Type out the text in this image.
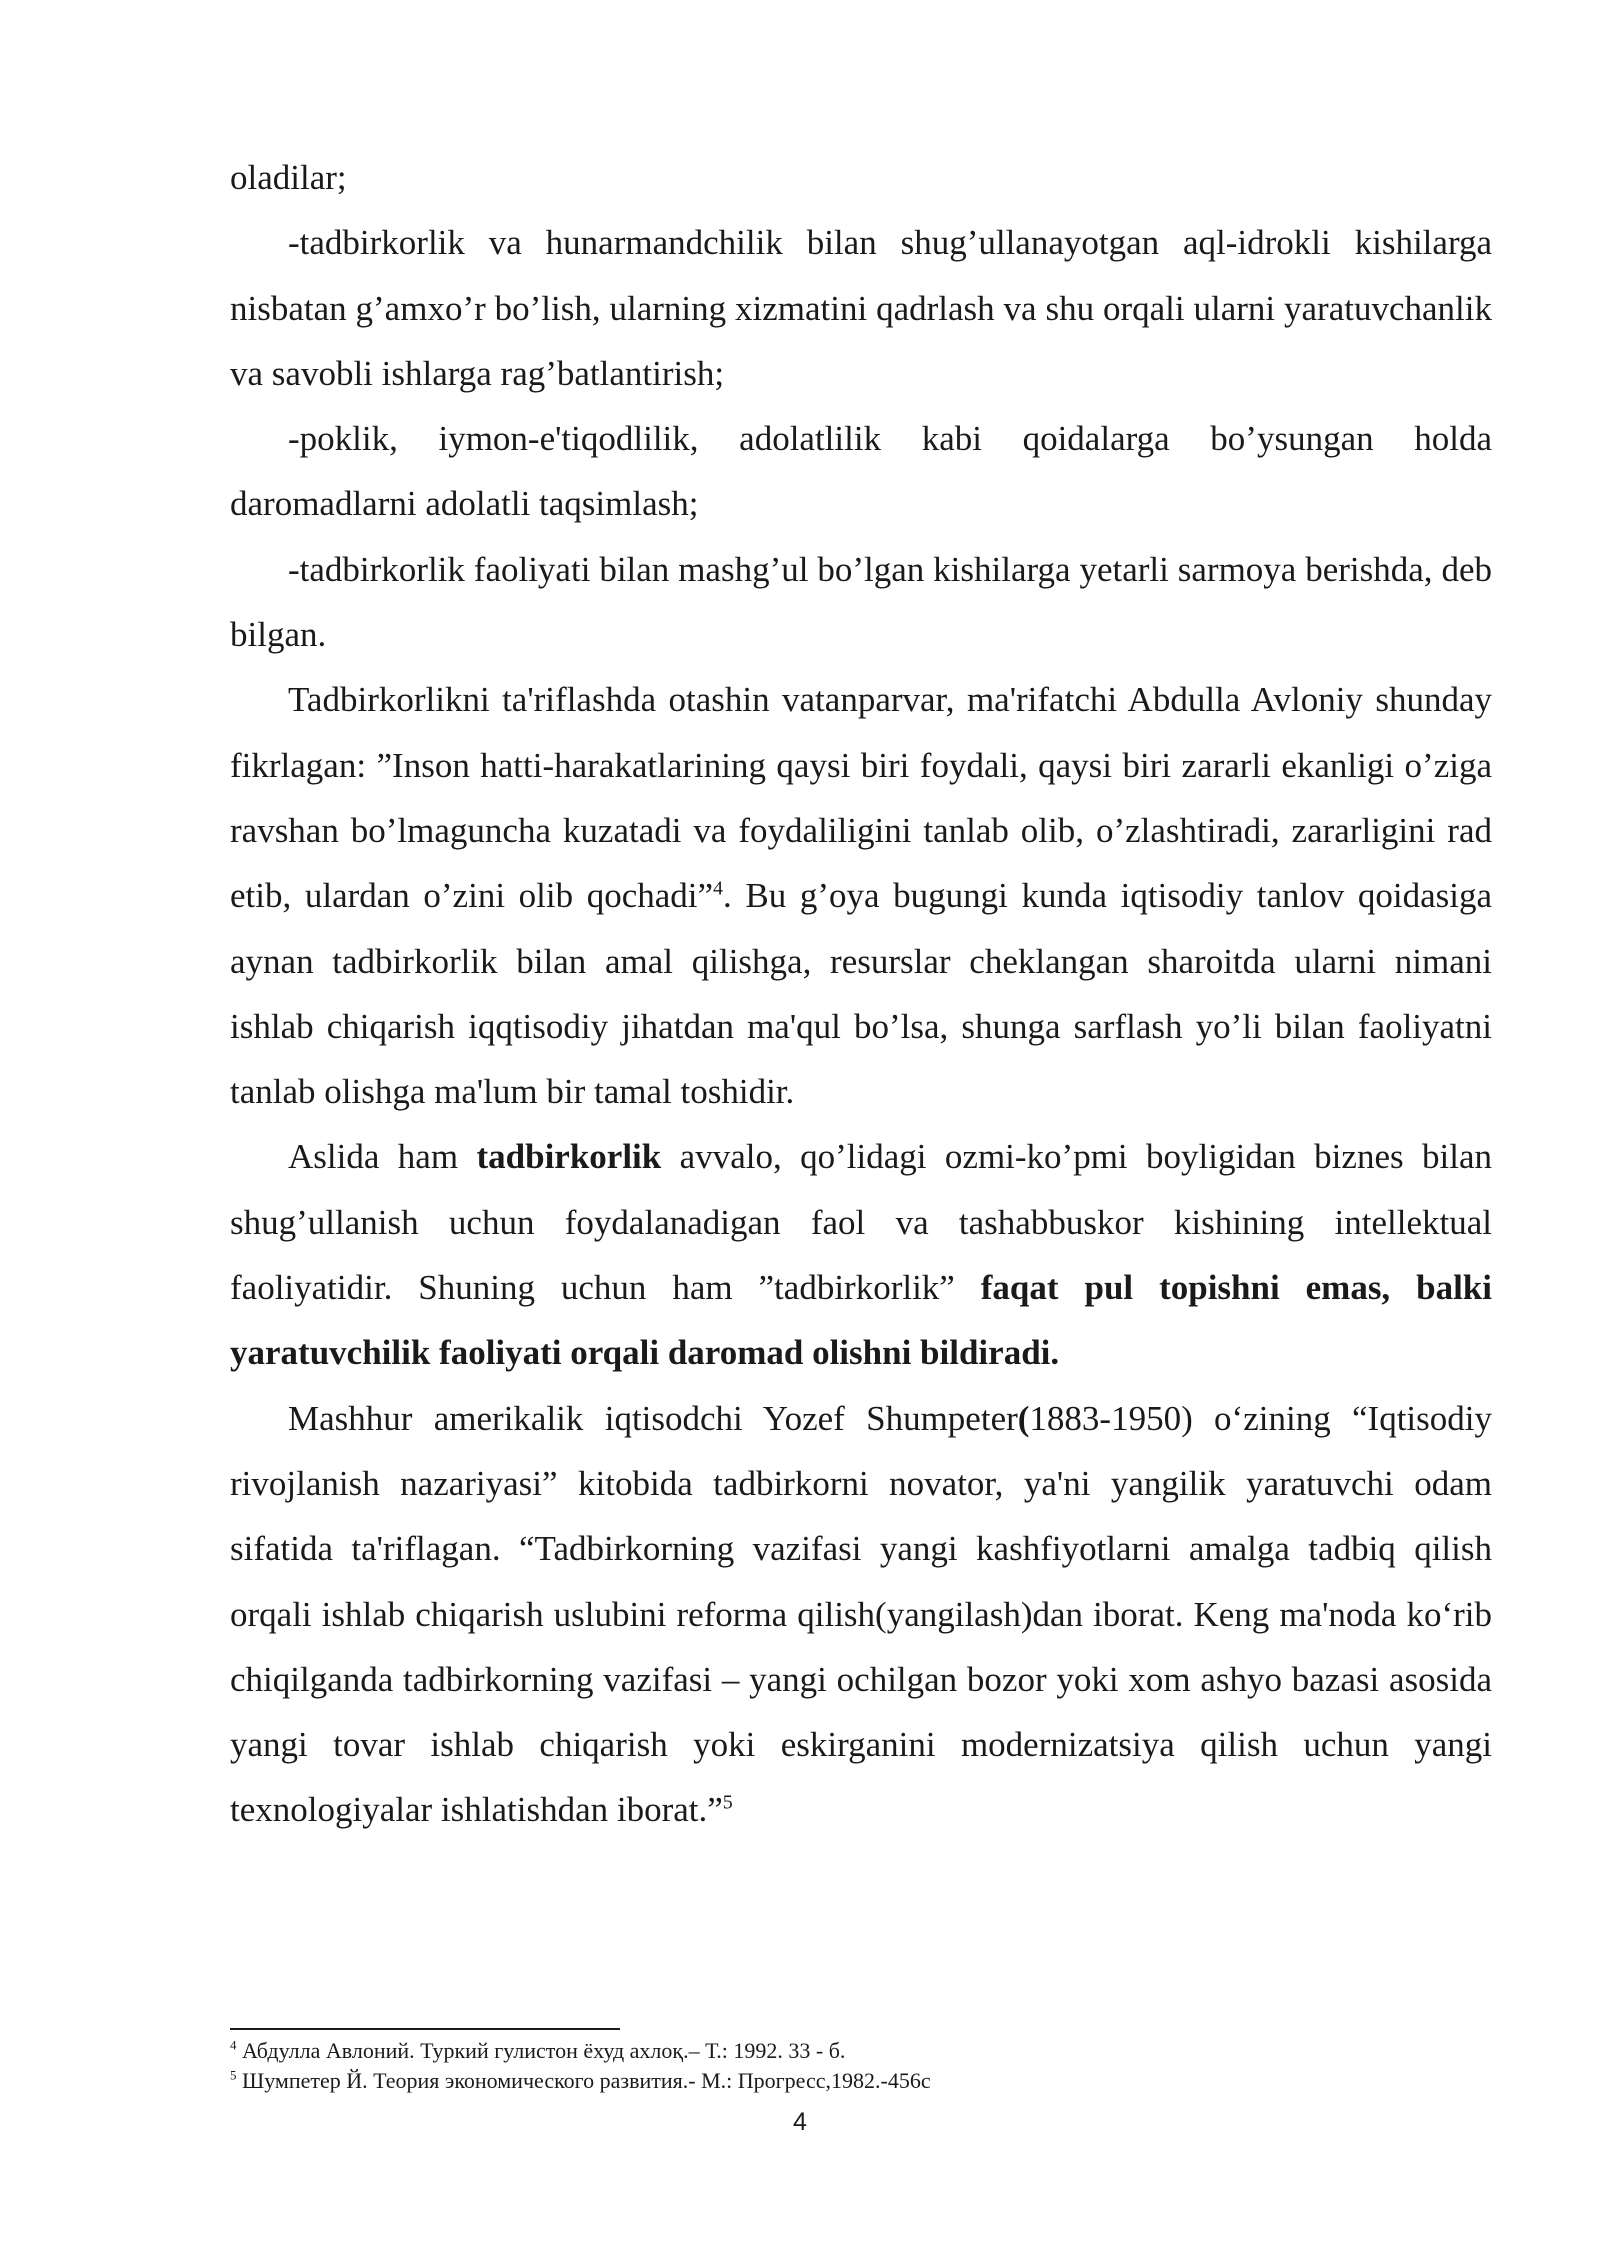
oladilar;

-tadbirkorlik va hunarmandchilik bilan shug’ullanayotgan aql-idrokli kishilarga nisbatan g’amxo’r bo’lish, ularning xizmatini qadrlash va shu orqali ularni yaratuvchanlik va savobli ishlarga rag’batlantirish;

-poklik, iymon-e'tiqodlilik, adolatlilik kabi qoidalarga bo’ysungan holda daromadlarni adolatli taqsimlash;

-tadbirkorlik faoliyati bilan mashg’ul bo’lgan kishilarga yetarli sarmoya berishda, deb bilgan.

Tadbirkorlikni ta'riflashda otashin vatanparvar, ma'rifatchi Abdulla Avloniy shunday fikrlagan: ”Inson hatti-harakatlarining qaysi biri foydali, qaysi biri zararli ekanligi o’ziga ravshan bo’lmaguncha kuzatadi va foydaliligini tanlab olib, o’zlashtiradi, zararligini rad etib, ulardan o’zini olib qochadi”$^4$. Bu g’oya bugungi kunda iqtisodiy tanlov qoidasiga aynan tadbirkorlik bilan amal qilishga, resurslar cheklangan sharoitda ularni nimani ishlab chiqarish iqqtisodiy jihatdan ma'qul bo’lsa, shunga sarflash yo’li bilan faoliyatni tanlab olishga ma'lum bir tamal toshidir.

Aslida ham tadbirkorlik avvalo, qo’lidagi ozmi-ko’pmi boyligidan biznes bilan shug’ullanish uchun foydalanadigan faol va tashabbuskor kishining intellektual faoliyatidir. Shuning uchun ham ”tadbirkorlik” faqat pul topishni emas, balki yaratuvchilik faoliyati orqali daromad olishni bildiradi.

Mashhur amerikalik iqtisodchi Yozef Shumpeter(1883-1950) o‘zining “Iqtisodiy rivojlanish nazariyasi” kitobida tadbirkorni novator, ya'ni yangilik yaratuvchi odam sifatida ta'riflagan. “Tadbirkorning vazifasi yangi kashfiyotlarni amalga tadbiq qilish orqali ishlab chiqarish uslubini reforma qilish(yangilash)dan iborat. Keng ma'noda ko‘rib chiqilganda tadbirkorning vazifasi – yangi ochilgan bozor yoki xom ashyo bazasi asosida yangi tovar ishlab chiqarish yoki eskirganini modernizatsiya qilish uchun yangi texnologiyalar ishlatishdan iborat.”$^5$

$^4$ Абдулла Авлоний. Туркий гулистон ёхуд ахлоқ.– Т.: 1992. 33 - б.
$^5$ Шумпетер Й. Теория экономического развития.- М.: Прогресс,1982.-456с
4
